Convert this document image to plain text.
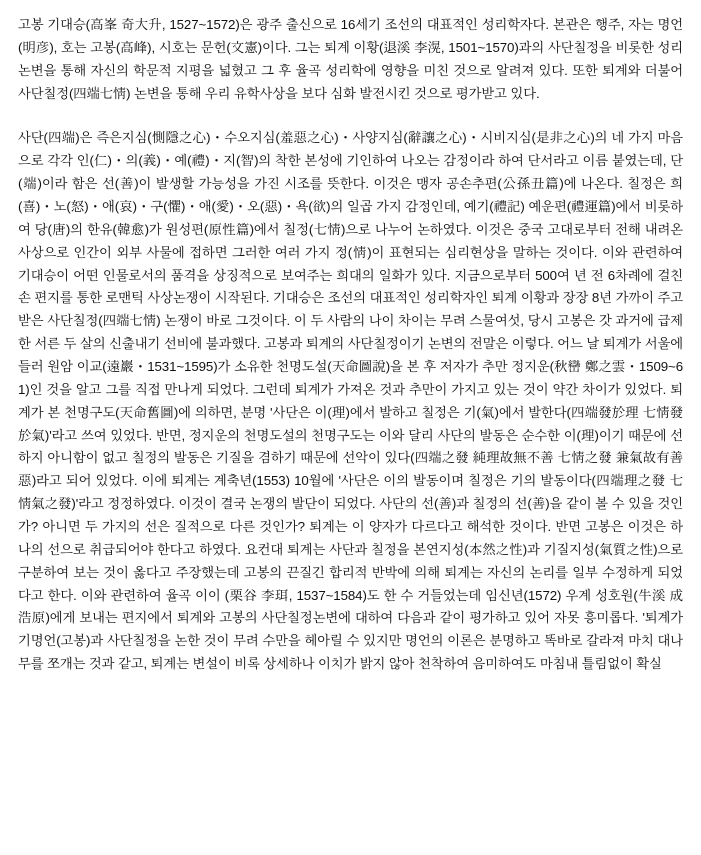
고봉 기대승(高峯 奇大升, 1527~1572)은 광주 출신으로 16세기 조선의 대표적인 성리학자다. 본관은 행주, 자는 명언(明彦), 호는 고봉(高峰), 시호는 문헌(文憲)이다. 그는 퇴계 이황(退溪 李滉, 1501~1570)과의 사단칠정을 비롯한 성리논변을 통해 자신의 학문적 지평을 넓혔고 그 후 율곡 성리학에 영향을 미친 것으로 알려져 있다. 또한 퇴계와 더불어 사단칠정(四端七情) 논변을 통해 우리 유학사상을 보다 심화 발전시킨 것으로 평가받고 있다.

사단(四端)은 즉은지심(惻隱之心)・수오지심(羞惡之心)・사양지심(辭讓之心)・시비지심(是非之心)의 네 가지 마음으로 각각 인(仁)・의(義)・예(禮)・지(智)의 착한 본성에 기인하여 나오는 감정이라 하여 단서라고 이름 붙였는데, 단(端)이라 함은 선(善)이 발생할 가능성을 가진 시조를 뜻한다. 이것은 맹자 공손추편(公孫丑篇)에 나온다. 칠정은 희(喜)・노(怒)・애(哀)・구(懼)・애(愛)・오(惡)・욕(欲)의 일곱 가지 감정인데, 예기(禮記) 예운편(禮運篇)에서 비롯하여 당(唐)의 한유(韓愈)가 원성편(原性篇)에서 칠정(七情)으로 나누어 논하였다. 이것은 중국 고대로부터 전해 내려온 사상으로 인간이 외부 사물에 접하면 그러한 여러 가지 정(情)이 표현되는 심리현상을 말하는 것이다. 이와 관련하여 기대승이 어떤 인물로서의 품격을 상징적으로 보여주는 희대의 일화가 있다. 지금으로부터 500여 년 전 6차례에 걸친 손 편지를 통한 로맨틱 사상논쟁이 시작된다. 기대승은 조선의 대표적인 성리학자인 퇴계 이황과 장장 8년 가까이 주고받은 사단칠정(四端七情) 논쟁이 바로 그것이다. 이 두 사람의 나이 차이는 무려 스물여섯, 당시 고봉은 갓 과거에 급제한 서른 두 살의 신출내기 선비에 불과했다. 고봉과 퇴계의 사단칠정이기 논변의 전말은 이렇다. 어느 날 퇴계가 서울에 들러 원암 이교(遠巖・1531~1595)가 소유한 천명도설(天命圖說)을 본 후 저자가 추만 정지운(秋巒 鄭之雲・1509~61)인 것을 알고 그를 직접 만나게 되었다. 그런데 퇴계가 가져온 것과 추만이 가지고 있는 것이 약간 차이가 있었다. 퇴계가 본 천명구도(天命舊圖)에 의하면, 분명 '사단은 이(理)에서 발하고 칠정은 기(氣)에서 발한다(四端發於理 七情發於氣)'라고 쓰여 있었다. 반면, 정지운의 천명도설의 천명구도는 이와 달리 사단의 발동은 순수한 이(理)이기 때문에 선하지 아니함이 없고 칠정의 발동은 기질을 겸하기 때문에 선악이 있다(四端之發 純理故無不善 七情之發 兼氣故有善惡)라고 되어 있었다. 이에 퇴계는 계축년(1553) 10월에 '사단은 이의 발동이며 칠정은 기의 발동이다(四端理之發 七情氣之發)'라고 정정하였다. 이것이 결국 논쟁의 발단이 되었다. 사단의 선(善)과 칠정의 선(善)을 같이 볼 수 있을 것인가? 아니면 두 가지의 선은 질적으로 다른 것인가? 퇴계는 이 양자가 다르다고 해석한 것이다. 반면 고봉은 이것은 하나의 선으로 취급되어야 한다고 하였다. 요컨대 퇴계는 사단과 칠정을 본연지성(本然之性)과 기질지성(氣質之性)으로 구분하여 보는 것이 옳다고 주장했는데 고봉의 끈질긴 합리적 반박에 의해 퇴계는 자신의 논리를 일부 수정하게 되었다고 한다. 이와 관련하여 율곡 이이 (栗谷 李珥, 1537~1584)도 한 수 거들었는데 임신년(1572) 우계 성호원(牛溪 成浩原)에게 보내는 편지에서 퇴계와 고봉의 사단칠정논변에 대하여 다음과 같이 평가하고 있어 자못 흥미롭다. '퇴계가 기명언(고봉)과 사단칠정을 논한 것이 무려 수만을 헤아릴 수 있지만 명언의 이론은 분명하고 똑바로 갈라져 마치 대나무를 쪼개는 것과 같고, 퇴계는 변설이 비록 상세하나 이치가 밝지 않아 천착하여 음미하여도 마침내 틀림없이 확실
